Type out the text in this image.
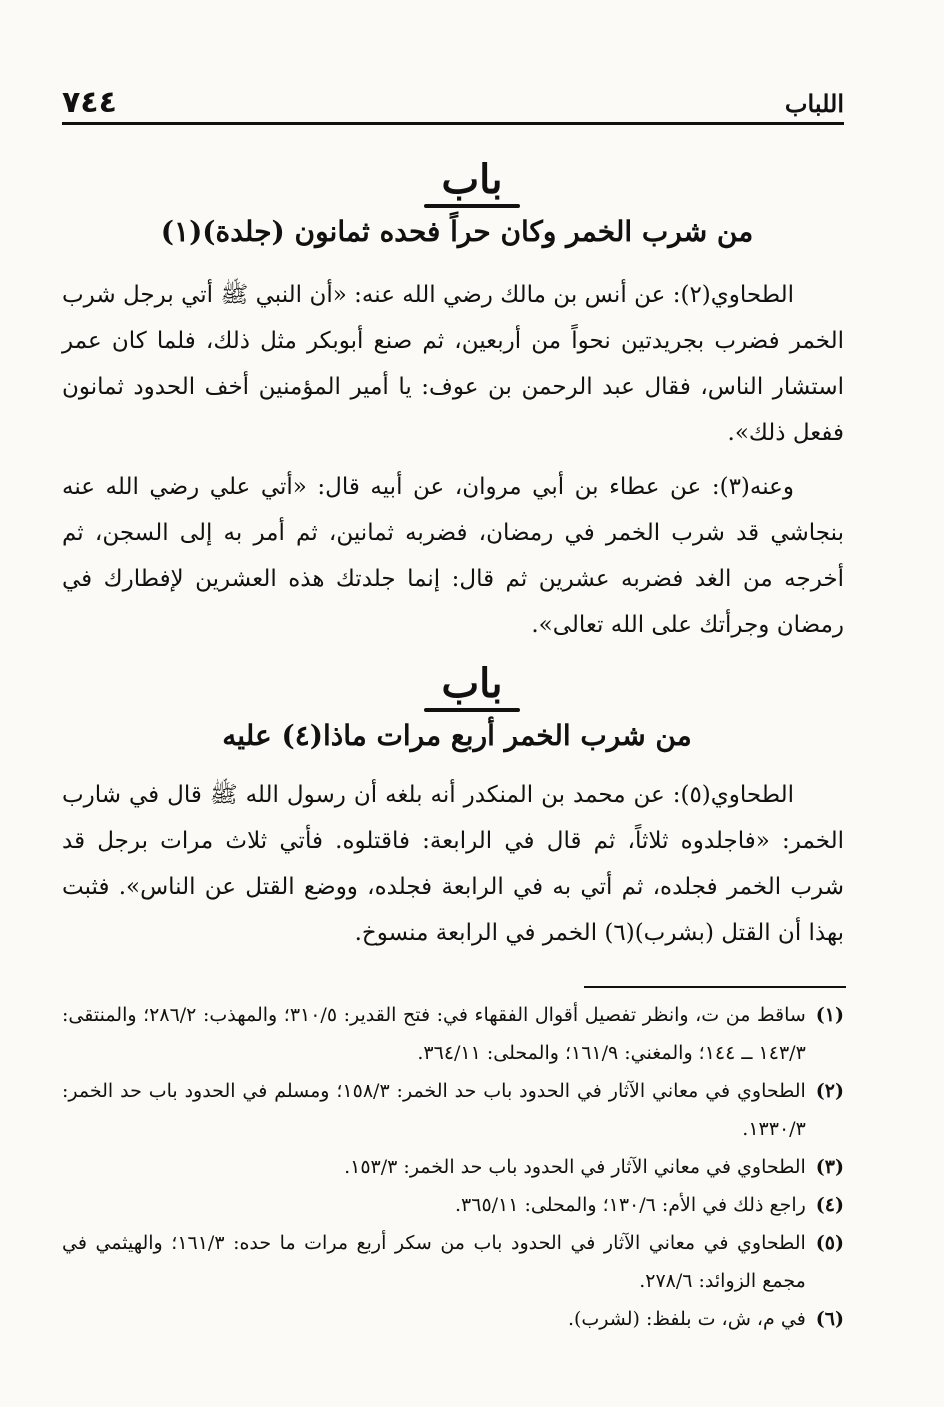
٧٤٤	اللباب
باب
من شرب الخمر وكان حراً فحده ثمانون (جلدة)(١)

الطحاوي(٢): عن أنس بن مالك رضي الله عنه: «أن النبي ﷺ أتي برجل شرب الخمر فضرب بجريدتين نحواً من أربعين، ثم صنع أبوبكر مثل ذلك، فلما كان عمر استشار الناس، فقال عبد الرحمن بن عوف: يا أمير المؤمنين أخف الحدود ثمانون ففعل ذلك».

وعنه(٣): عن عطاء بن أبي مروان، عن أبيه قال: «أتي علي رضي الله عنه بنجاشي قد شرب الخمر في رمضان، فضربه ثمانين، ثم أمر به إلى السجن، ثم أخرجه من الغد فضربه عشرين ثم قال: إنما جلدتك هذه العشرين لإفطارك في رمضان وجرأتك على الله تعالى».

باب
من شرب الخمر أربع مرات ماذا(٤) عليه

الطحاوي(٥): عن محمد بن المنكدر أنه بلغه أن رسول الله ﷺ قال في شارب الخمر: «فاجلدوه ثلاثاً، ثم قال في الرابعة: فاقتلوه. فأتي ثلاث مرات برجل قد شرب الخمر فجلده، ثم أتي به في الرابعة فجلده، ووضع القتل عن الناس». فثبت بهذا أن القتل (بشرب)(٦) الخمر في الرابعة منسوخ.

(١)
ساقط من ت، وانظر تفصيل أقوال الفقهاء في: فتح القدير: ٣١٠/٥؛ والمهذب: ٢٨٦/٢؛ والمنتقى: ١٤٣/٣ ــ ١٤٤؛ والمغني: ١٦١/٩؛ والمحلى: ٣٦٤/١١.
(٢)
الطحاوي في معاني الآثار في الحدود باب حد الخمر: ١٥٨/٣؛ ومسلم في الحدود باب حد الخمر: ١٣٣٠/٣.
(٣)
الطحاوي في معاني الآثار في الحدود باب حد الخمر: ١٥٣/٣.
(٤)
راجع ذلك في الأم: ١٣٠/٦؛ والمحلى: ٣٦٥/١١.
(٥)
الطحاوي في معاني الآثار في الحدود باب من سكر أربع مرات ما حده: ١٦١/٣؛ والهيثمي في مجمع الزوائد: ٢٧٨/٦.
(٦)
في م، ش، ت بلفظ: (لشرب).
